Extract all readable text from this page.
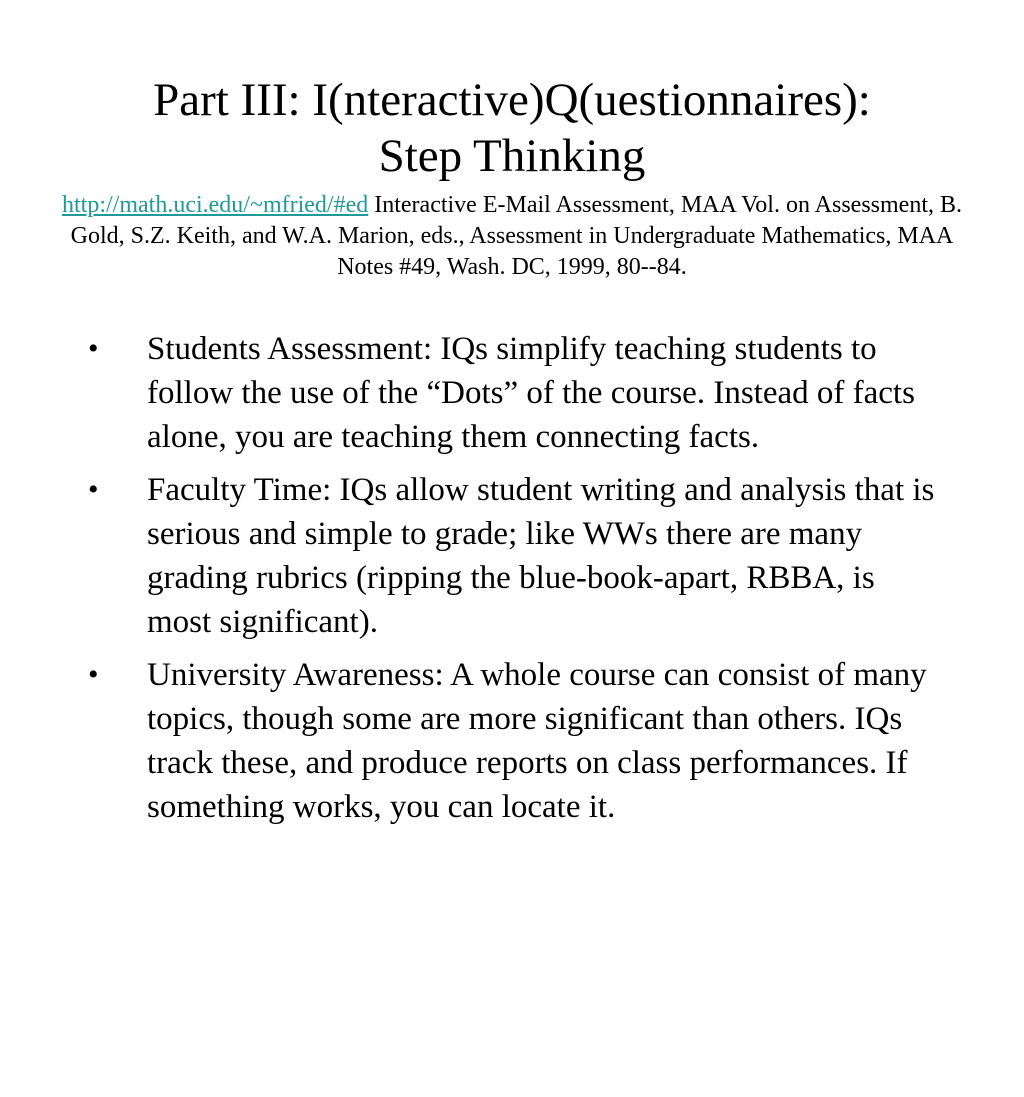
Part III: I(nteractive)Q(uestionnaires):
Step Thinking
http://math.uci.edu/~mfried/#ed Interactive E-Mail Assessment, MAA Vol. on Assessment, B. Gold, S.Z. Keith, and W.A. Marion, eds., Assessment in Undergraduate Mathematics, MAA Notes #49, Wash. DC, 1999, 80--84.
• Students Assessment: IQs simplify teaching students to follow the use of the “Dots” of the course. Instead of facts alone, you are teaching them connecting facts.
• Faculty Time: IQs allow student writing and analysis that is serious and simple to grade; like WWs there are many grading rubrics (ripping the blue-book-apart, RBBA, is most significant).
• University Awareness: A whole course can consist of many topics, though some are more significant than others. IQs track these, and produce reports on class performances. If something works, you can locate it.
